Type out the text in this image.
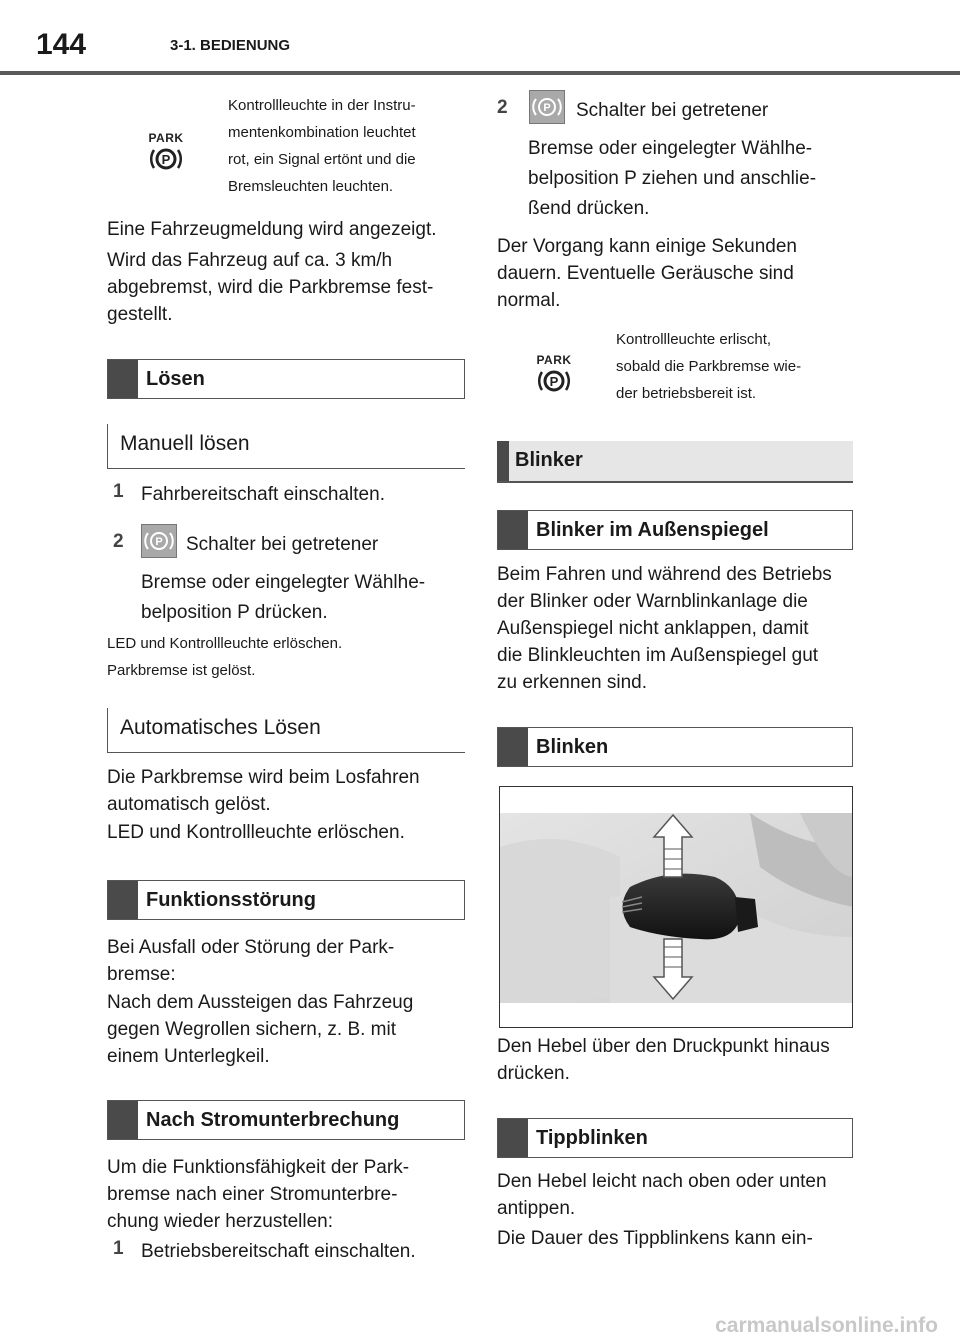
144	3-1. BEDIENUNG
PARK
P
Kontrollleuchte in der Instru-
mentenkombination leuchtet
rot, ein Signal ertönt und die
Bremsleuchten leuchten.
Eine Fahrzeugmeldung wird angezeigt.
Wird das Fahrzeug auf ca. 3 km/h
abgebremst, wird die Parkbremse fest-
gestellt.
Lösen
Manuell lösen
1 Fahrbereitschaft einschalten.
2	P Schalter bei getretener
Bremse oder eingelegter Wählhe-
belposition P drücken.
LED und Kontrollleuchte erlöschen.
Parkbremse ist gelöst.
Automatisches Lösen
Die Parkbremse wird beim Losfahren
automatisch gelöst.
LED und Kontrollleuchte erlöschen.
Funktionsstörung
Bei Ausfall oder Störung der Park-
bremse:
Nach dem Aussteigen das Fahrzeug
gegen Wegrollen sichern, z. B. mit
einem Unterlegkeil.
Nach Stromunterbrechung
Um die Funktionsfähigkeit der Park-
bremse nach einer Stromunterbre-
chung wieder herzustellen:
1 Betriebsbereitschaft einschalten.
2	P Schalter bei getretener
Bremse oder eingelegter Wählhe-
belposition P ziehen und anschlie-
ßend drücken.
Der Vorgang kann einige Sekunden
dauern. Eventuelle Geräusche sind
normal.
PARK
P
Kontrollleuchte erlischt,
sobald die Parkbremse wie-
der betriebsbereit ist.
Blinker
Blinker im Außenspiegel
Beim Fahren und während des Betriebs
der Blinker oder Warnblinkanlage die
Außenspiegel nicht anklappen, damit
die Blinkleuchten im Außenspiegel gut
zu erkennen sind.
Blinken
Den Hebel über den Druckpunkt hinaus
drücken.
Tippblinken
Den Hebel leicht nach oben oder unten
antippen.
Die Dauer des Tippblinkens kann ein-
carmanualsonline.info
